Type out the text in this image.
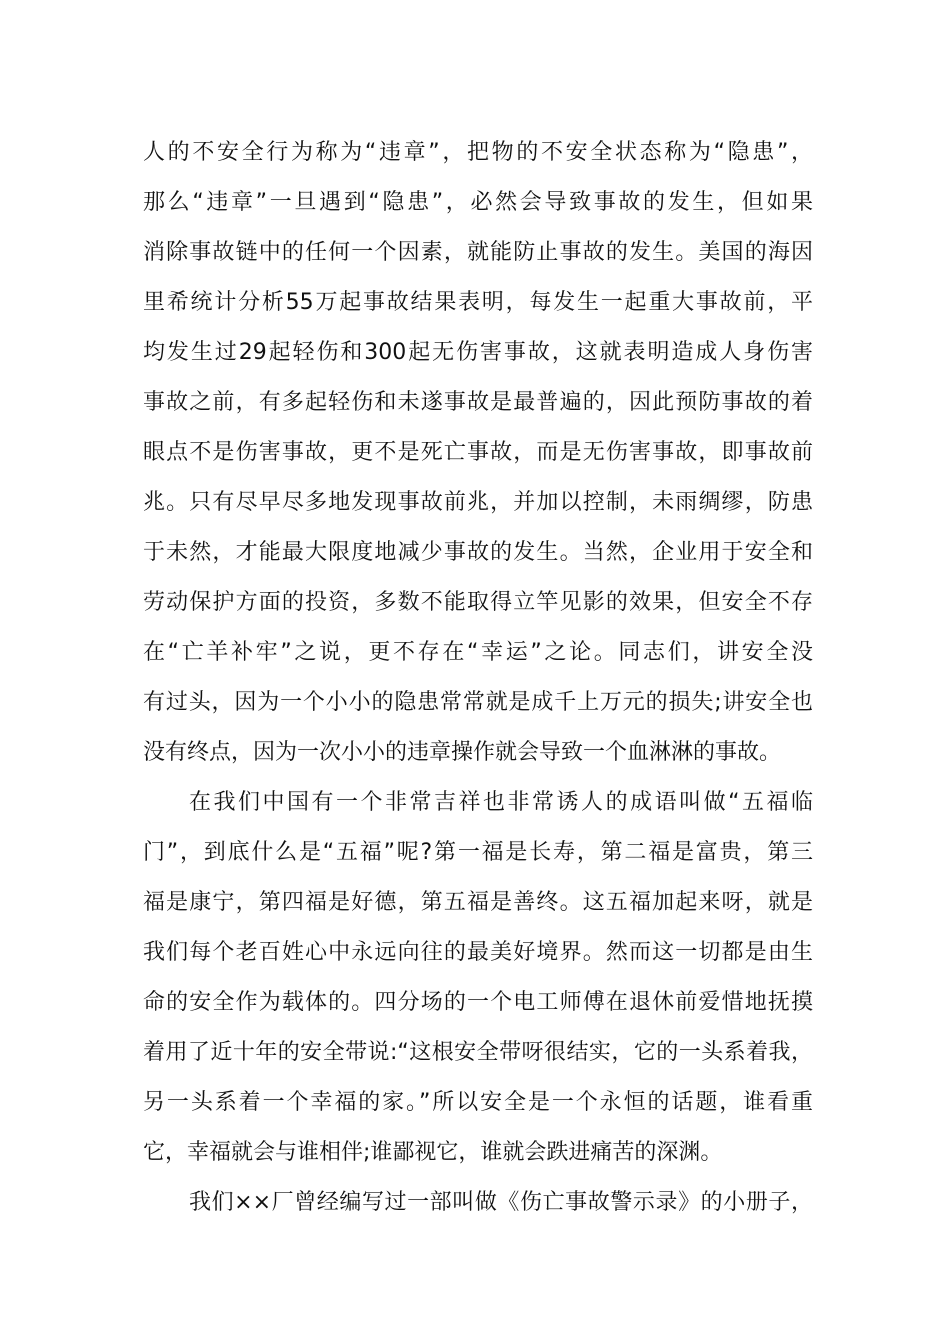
人的不安全行为称为“违章”，把物的不安全状态称为“隐患”，
那么“违章”一旦遇到“隐患”，必然会导致事故的发生，但如果
消除事故链中的任何一个因素，就能防止事故的发生。美国的海因
里希统计分析55万起事故结果表明，每发生一起重大事故前，平
均发生过29起轻伤和300起无伤害事故，这就表明造成人身伤害
事故之前，有多起轻伤和未遂事故是最普遍的，因此预防事故的着
眼点不是伤害事故，更不是死亡事故，而是无伤害事故，即事故前
兆。只有尽早尽多地发现事故前兆，并加以控制，未雨绸缪，防患
于未然，才能最大限度地减少事故的发生。当然，企业用于安全和
劳动保护方面的投资，多数不能取得立竿见影的效果，但安全不存
在“亡羊补牢”之说，更不存在“幸运”之论。同志们，讲安全没
有过头，因为一个小小的隐患常常就是成千上万元的损失;讲安全也
没有终点，因为一次小小的违章操作就会导致一个血淋淋的事故。
在我们中国有一个非常吉祥也非常诱人的成语叫做“五福临
门”，到底什么是“五福”呢?第一福是长寿，第二福是富贵，第三
福是康宁，第四福是好德，第五福是善终。这五福加起来呀，就是
我们每个老百姓心中永远向往的最美好境界。然而这一切都是由生
命的安全作为载体的。四分场的一个电工师傅在退休前爱惜地抚摸
着用了近十年的安全带说:“这根安全带呀很结实，它的一头系着我，
另一头系着一个幸福的家。”所以安全是一个永恒的话题，谁看重
它，幸福就会与谁相伴;谁鄙视它，谁就会跌进痛苦的深渊。
我们××厂曾经编写过一部叫做《伤亡事故警示录》的小册子，
